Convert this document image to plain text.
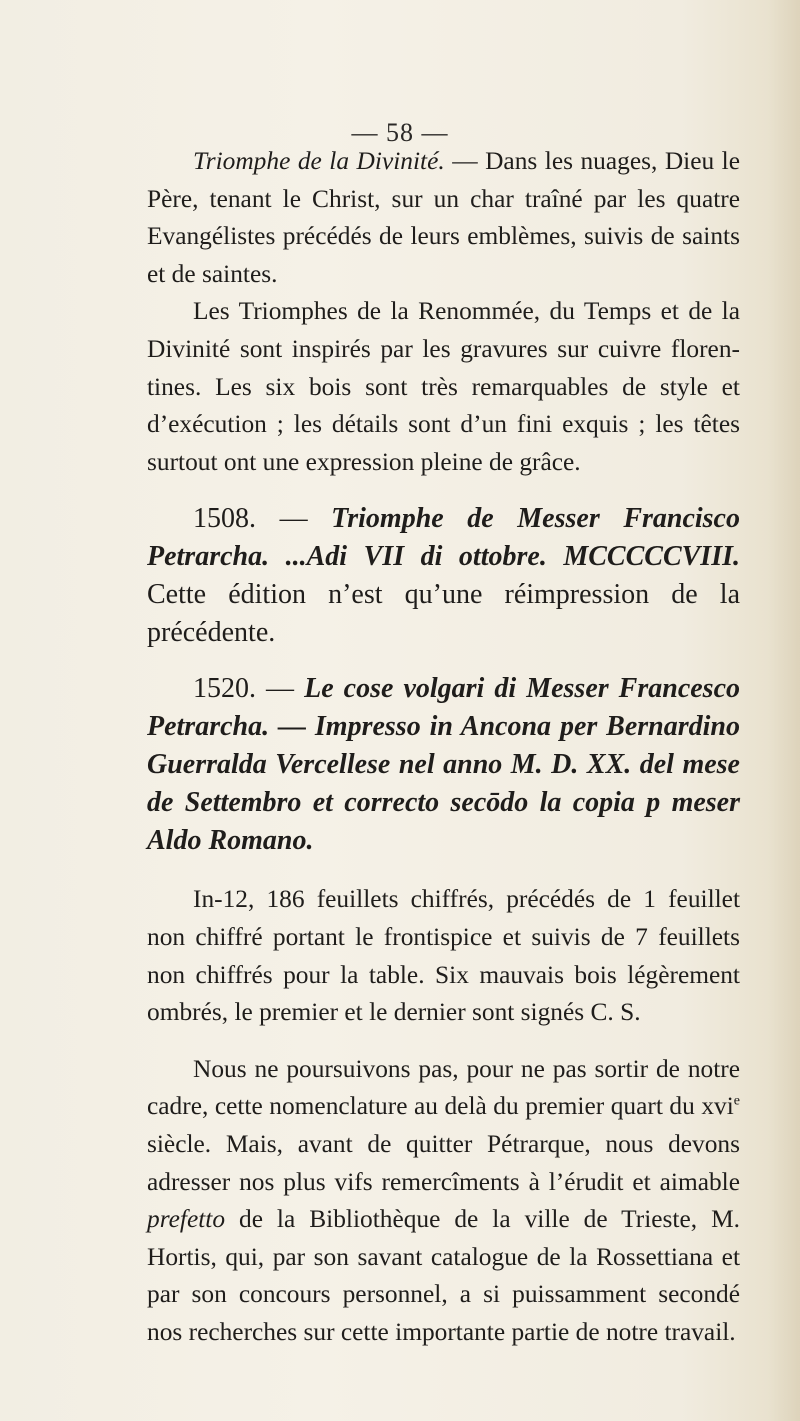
— 58 —

Triomphe de la Divinité. — Dans les nuages, Dieu le Père, tenant le Christ, sur un char traîné par les quatre Evangélistes précédés de leurs emblèmes, suivis de saints et de saintes.

Les Triomphes de la Renommée, du Temps et de la Divinité sont inspirés par les gravures sur cuivre florentines. Les six bois sont très remarquables de style et d’exécution ; les détails sont d’un fini exquis ; les têtes surtout ont une expression pleine de grâce.

1508. — Triomphe de Messer Francisco Petrarcha. ...Adi VII di ottobre. MCCCCCVIII. Cette édition n’est qu’une réimpression de la précédente.

1520. — Le cose volgari di Messer Francesco Petrarcha. — Impresso in Ancona per Bernardino Guerralda Vercellese nel anno M. D. XX. del mese de Settembro et correcto secōdo la copia p meser Aldo Romano.

In-12, 186 feuillets chiffrés, précédés de 1 feuillet non chiffré portant le frontispice et suivis de 7 feuillets non chiffrés pour la table. Six mauvais bois légèrement ombrés, le premier et le dernier sont signés C. S.

Nous ne poursuivons pas, pour ne pas sortir de notre cadre, cette nomenclature au delà du premier quart du xvi$^e$ siècle. Mais, avant de quitter Pétrarque, nous devons adresser nos plus vifs remercîments à l’érudit et aimable prefetto de la Bibliothèque de la ville de Trieste, M. Hortis, qui, par son savant catalogue de la Rossettiana et par son concours personnel, a si puissamment secondé nos recherches sur cette importante partie de notre travail.
